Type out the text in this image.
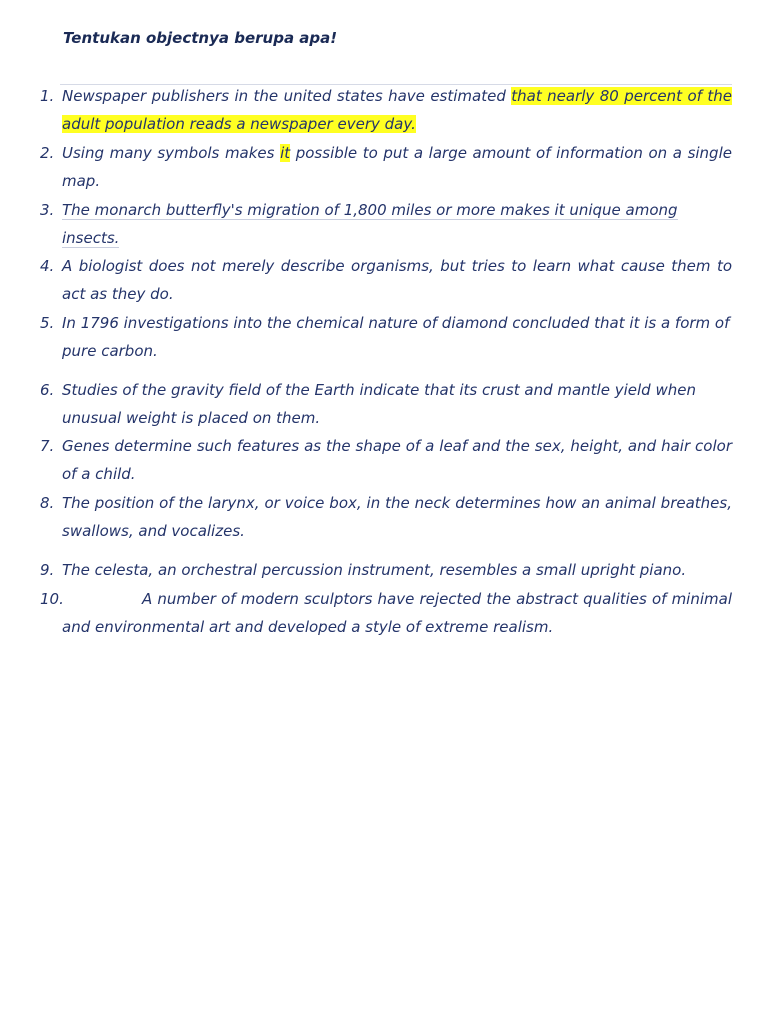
Tentukan objectnya berupa apa!
1. Newspaper publishers in the united states have estimated that nearly 80 percent of the adult population reads a newspaper every day.
2. Using many symbols makes it possible to put a large amount of information on a single map.
3. The monarch butterfly's migration of 1,800 miles or more makes it unique among insects.
4. A biologist does not merely describe organisms, but tries to learn what cause them to act as they do.
5. In 1796 investigations into the chemical nature of diamond concluded that it is a form of pure carbon.
6. Studies of the gravity field of the Earth indicate that its crust and mantle yield when unusual weight is placed on them.
7. Genes determine such features as the shape of a leaf and the sex, height, and hair color of a child.
8. The position of the larynx, or voice box, in the neck determines how an animal breathes, swallows, and vocalizes.
9. The celesta, an orchestral percussion instrument, resembles a small upright piano.
10.	A number of modern sculptors have rejected the abstract qualities of minimal and environmental art and developed a style of extreme realism.
